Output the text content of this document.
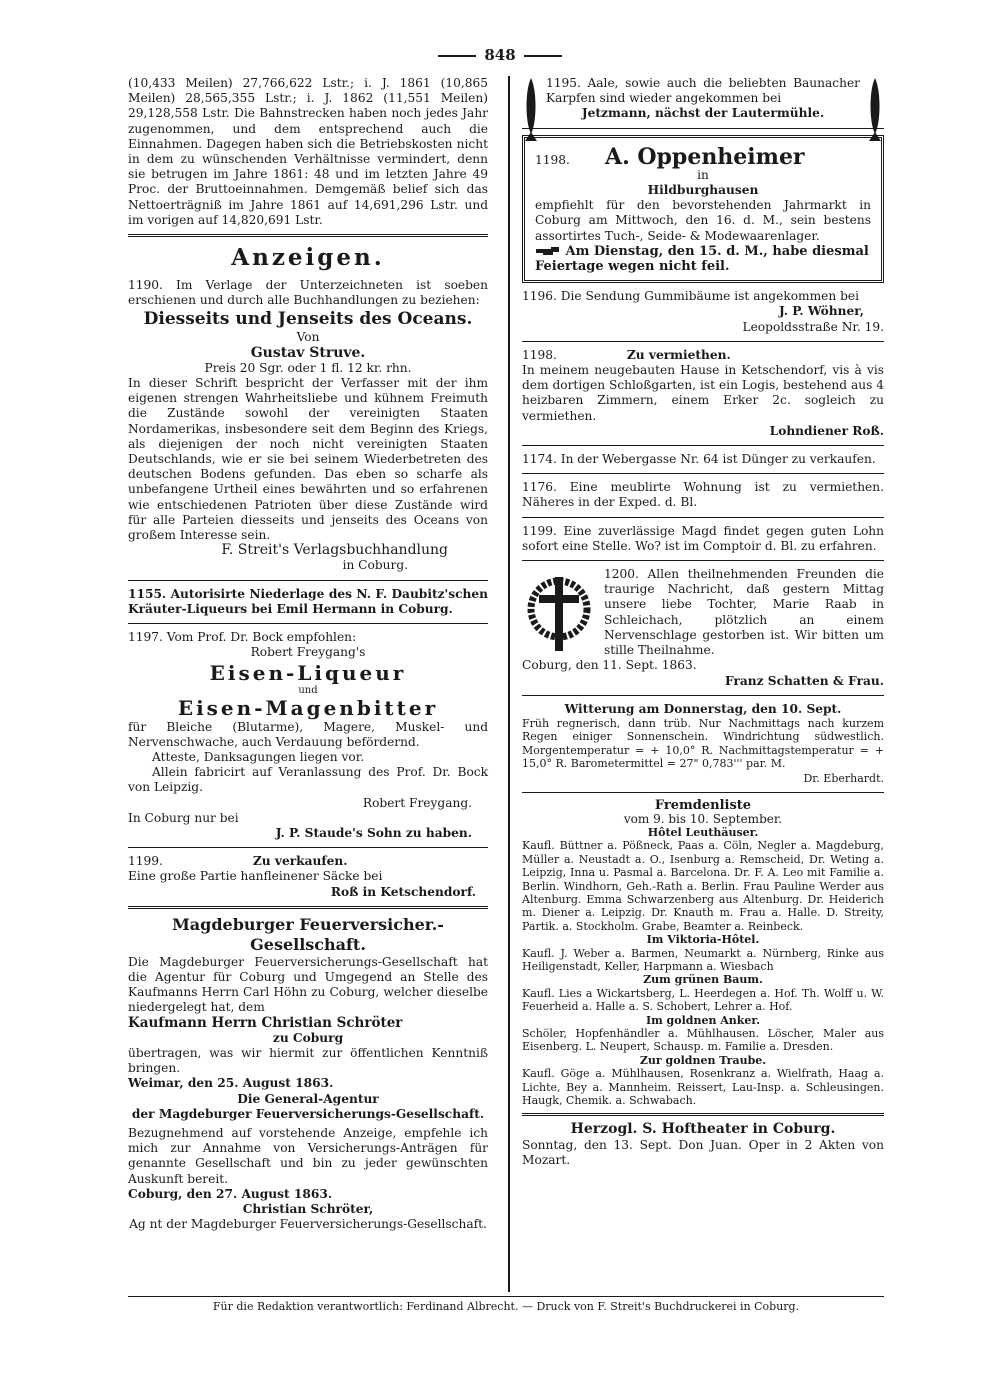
848

(10,433 Meilen) 27,766,622 Lstr.; i. J. 1861 (10,865 Meilen) 28,565,355 Lstr.; i. J. 1862 (11,551 Meilen) 29,128,558 Lstr. Die Bahnstrecken haben noch jedes Jahr zugenommen, und dem entsprechend auch die Einnahmen. Dagegen haben sich die Betriebskosten nicht in dem zu wünschenden Verhältnisse vermindert, denn sie betrugen im Jahre 1861: 48 und im letzten Jahre 49 Proc. der Bruttoeinnahmen. Demgemäß belief sich das Nettoerträgniß im Jahre 1861 auf 14,691,296 Lstr. und im vorigen auf 14,820,691 Lstr.

Anzeigen.

1190. Im Verlage der Unterzeichneten ist soeben erschienen und durch alle Buchhandlungen zu beziehen:

Diesseits und Jenseits des Oceans.
Von
Gustav Struve.
Preis 20 Sgr. oder 1 fl. 12 kr. rhn.

In dieser Schrift bespricht der Verfasser mit der ihm eigenen strengen Wahrheitsliebe und kühnem Freimuth die Zustände sowohl der vereinigten Staaten Nordamerikas, insbesondere seit dem Beginn des Kriegs, als diejenigen der noch nicht vereinigten Staaten Deutschlands, wie er sie bei seinem Wiederbetreten des deutschen Bodens gefunden. Das eben so scharfe als unbefangene Urtheil eines bewährten und so erfahrenen wie entschiedenen Patrioten über diese Zustände wird für alle Parteien diesseits und jenseits des Oceans von großem Interesse sein.

F. Streit's Verlagsbuchhandlung
in Coburg.

1155. Autorisirte Niederlage des N. F. Daubitz'schen Kräuter-Liqueurs bei Emil Hermann in Coburg.

1197. Vom Prof. Dr. Bock empfohlen:
Robert Freygang's
Eisen-Liqueur
und
Eisen-Magenbitter

für Bleiche (Blutarme), Magere, Muskel- und Nervenschwache, auch Verdauung befördernd.

Atteste, Danksagungen liegen vor.

Allein fabricirt auf Veranlassung des Prof. Dr. Bock von Leipzig.

Robert Freygang.
In Coburg nur bei
J. P. Staude's Sohn zu haben.
1199.	Zu verkaufen.
Eine große Partie hanfleinener Säcke bei
Roß in Ketschendorf.
Magdeburger Feuerversicher.-Gesellschaft.

Die Magdeburger Feuerversicherungs-Gesellschaft hat die Agentur für Coburg und Umgegend an Stelle des Kaufmanns Herrn Carl Höhn zu Coburg, welcher dieselbe niedergelegt hat, dem

Kaufmann Herrn Christian Schröter
zu Coburg

übertragen, was wir hiermit zur öffentlichen Kenntniß bringen.

Weimar, den 25. August 1863.
Die General-Agentur
der Magdeburger Feuerversicherungs-Gesellschaft.

Bezugnehmend auf vorstehende Anzeige, empfehle ich mich zur Annahme von Versicherungs-Anträgen für genannte Gesellschaft und bin zu jeder gewünschten Auskunft bereit.

Coburg, den 27. August 1863.
Christian Schröter,
Ag nt der Magdeburger Feuerversicherungs-Gesellschaft.

1195. Aale, sowie auch die beliebten Baunacher Karpfen sind wieder angekommen bei

Jetzmann, nächst der Lautermühle.
1198. A. Oppenheimer
in
Hildburghausen

empfiehlt für den bevorstehenden Jahrmarkt in Coburg am Mittwoch, den 16. d. M., sein bestens assortirtes Tuch-, Seide- & Modewaarenlager.

Am Dienstag, den 15. d. M., habe diesmal Feiertage wegen nicht feil.

1196. Die Sendung Gummibäume ist angekommen bei

J. P. Wöhner,
Leopoldsstraße Nr. 19.
1198.	Zu vermiethen.

In meinem neugebauten Hause in Ketschendorf, vis à vis dem dortigen Schloßgarten, ist ein Logis, bestehend aus 4 heizbaren Zimmern, einem Erker 2c. sogleich zu vermiethen.

Lohndiener Roß.

1174. In der Webergasse Nr. 64 ist Dünger zu verkaufen.

1176. Eine meublirte Wohnung ist zu vermiethen. Näheres in der Exped. d. Bl.

1199. Eine zuverlässige Magd findet gegen guten Lohn sofort eine Stelle. Wo? ist im Comptoir d. Bl. zu erfahren.

1200. Allen theilnehmenden Freunden die traurige Nachricht, daß gestern Mittag unsere liebe Tochter, Marie Raab in Schleichach, plötzlich an einem Nervenschlage gestorben ist. Wir bitten um stille Theilnahme.

Coburg, den 11. Sept. 1863.
Franz Schatten & Frau.
Witterung am Donnerstag, den 10. Sept.

Früh regnerisch, dann trüb. Nur Nachmittags nach kurzem Regen einiger Sonnenschein. Windrichtung südwestlich. Morgentemperatur = + 10,0° R. Nachmittagstemperatur = + 15,0° R. Barometermittel = 27" 0,783''' par. M.

Dr. Eberhardt.
Fremdenliste
vom 9. bis 10. September.
Hôtel Leuthäuser.

Kaufl. Büttner a. Pößneck, Paas a. Cöln, Negler a. Magdeburg, Müller a. Neustadt a. O., Isenburg a. Remscheid, Dr. Weting a. Leipzig, Inna u. Pasmal a. Barcelona. Dr. F. A. Leo mit Familie a. Berlin. Windhorn, Geh.-Rath a. Berlin. Frau Pauline Werder aus Altenburg. Emma Schwarzenberg aus Altenburg. Dr. Heiderich m. Diener a. Leipzig. Dr. Knauth m. Frau a. Halle. D. Streity, Partik. a. Stockholm. Grabe, Beamter a. Reinbeck.

Im Viktoria-Hôtel.

Kaufl. J. Weber a. Barmen, Neumarkt a. Nürnberg, Rinke aus Heiligenstadt, Keller, Harpmann a. Wiesbach

Zum grünen Baum.

Kaufl. Lies a Wickartsberg, L. Heerdegen a. Hof. Th. Wolff u. W. Feuerheid a. Halle a. S. Schobert, Lehrer a. Hof.

Im goldnen Anker.

Schöler, Hopfenhändler a. Mühlhausen. Löscher, Maler aus Eisenberg. L. Neupert, Schausp. m. Familie a. Dresden.

Zur goldnen Traube.

Kaufl. Göge a. Mühlhausen, Rosenkranz a. Wielfrath, Haag a. Lichte, Bey a. Mannheim. Reissert, Lau-Insp. a. Schleusingen. Haugk, Chemik. a. Schwabach.

Herzogl. S. Hoftheater in Coburg.

Sonntag, den 13. Sept. Don Juan. Oper in 2 Akten von Mozart.

Für die Redaktion verantwortlich: Ferdinand Albrecht. — Druck von F. Streit's Buchdruckerei in Coburg.
